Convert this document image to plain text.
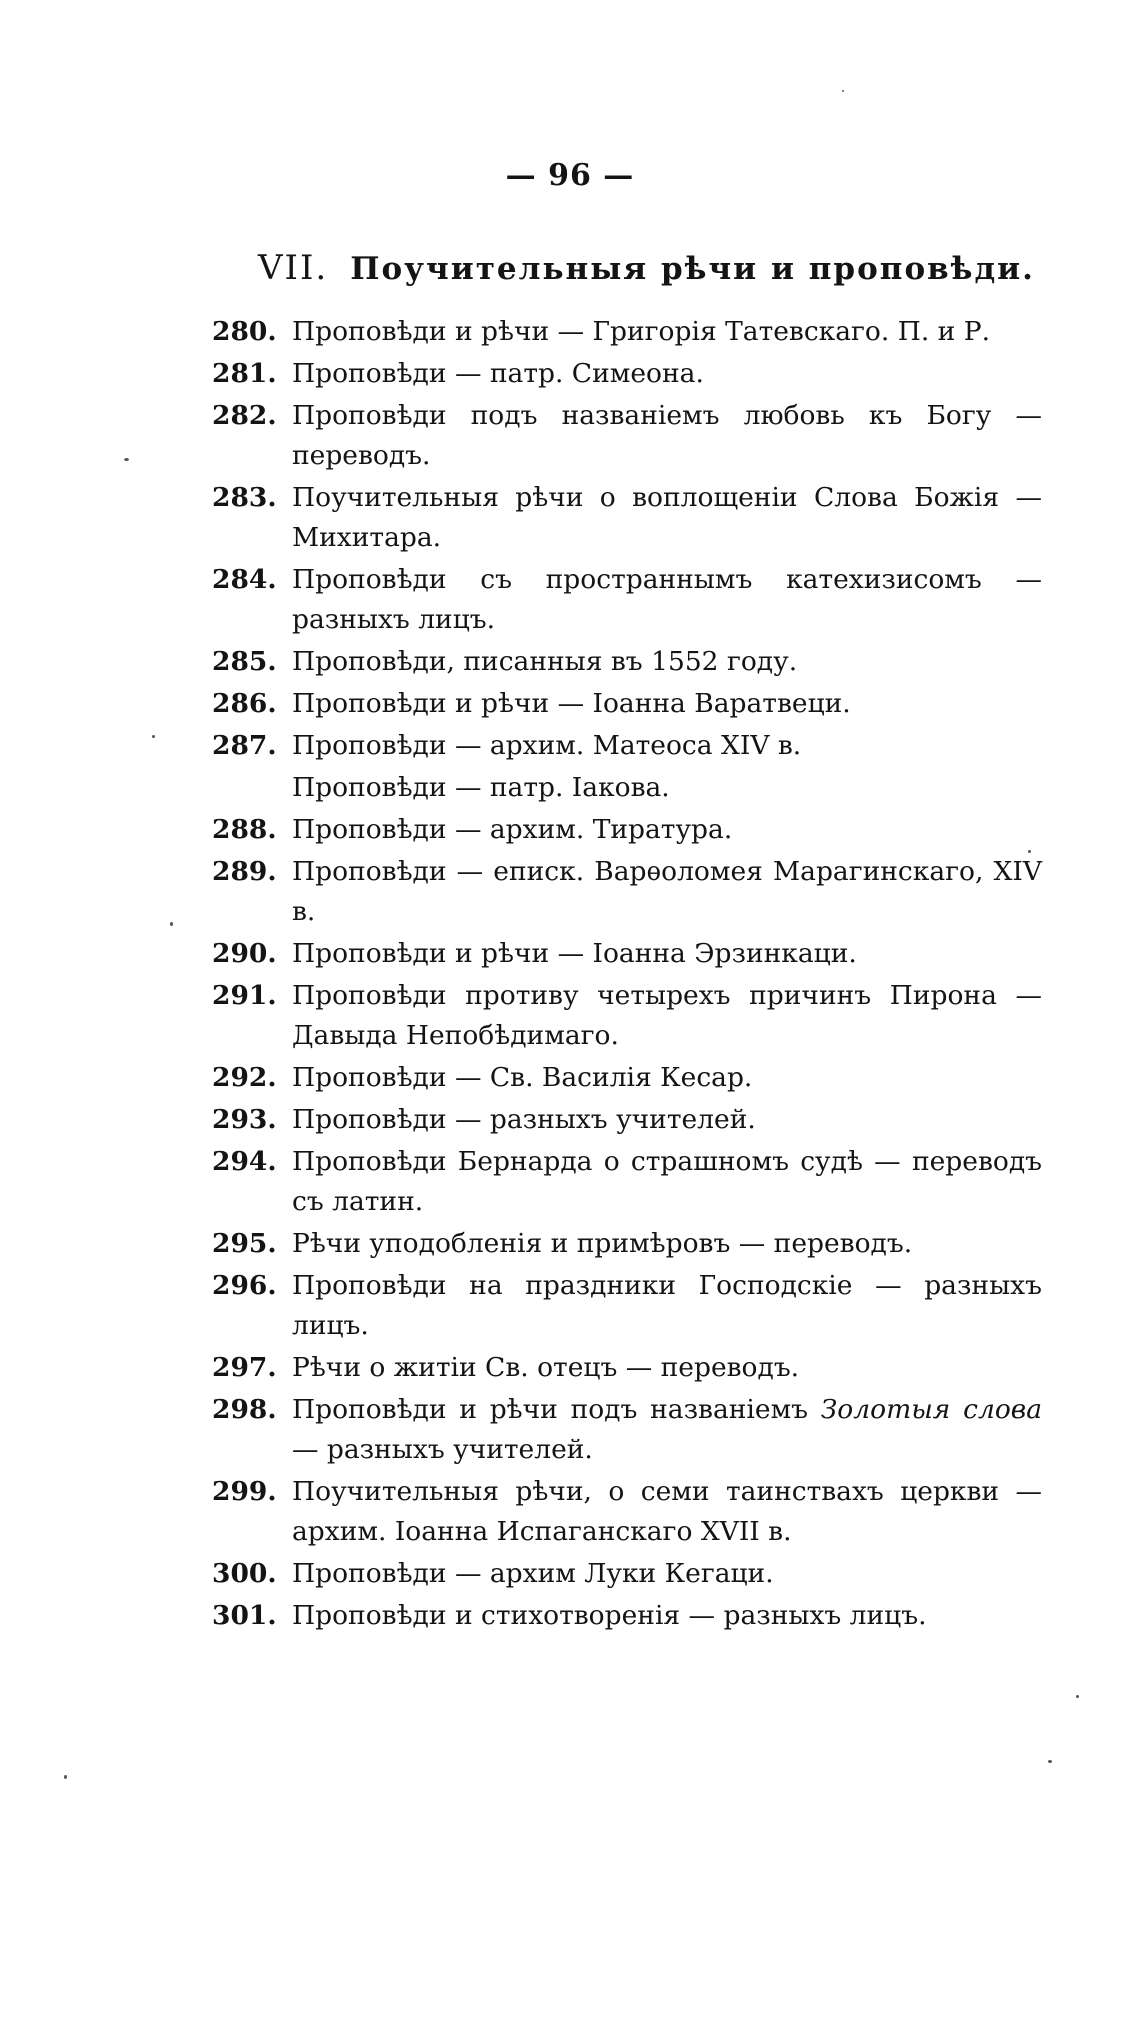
— 96 —
VII. Поучительныя рѣчи и проповѣди.
280. Проповѣди и рѣчи — Григорія Татевскаго. П. и Р.
281. Проповѣди — патр. Симеона.
282. Проповѣди подъ названіемъ любовь къ Богу — переводъ.
283. Поучительныя рѣчи о воплощеніи Слова Божія — Михитара.
284. Проповѣди съ пространнымъ катехизисомъ — разныхъ лицъ.
285. Проповѣди, писанныя въ 1552 году.
286. Проповѣди и рѣчи — Іоанна Варатвеци.
287. Проповѣди — архим. Матеоса XIV в.
Проповѣди — патр. Іакова.
288. Проповѣди — архим. Тиратура.
289. Проповѣди — еписк. Варѳоломея Марагинскаго, XIV в.
290. Проповѣди и рѣчи — Іоанна Эрзинкаци.
291. Проповѣди противу четырехъ причинъ Пирона — Давыда Непобѣдимаго.
292. Проповѣди — Св. Василія Кесар.
293. Проповѣди — разныхъ учителей.
294. Проповѣди Бернарда о страшномъ судѣ — переводъ съ латин.
295. Рѣчи уподобленія и примѣровъ — переводъ.
296. Проповѣди на праздники Господскіе — разныхъ лицъ.
297. Рѣчи о житіи Св. отецъ — переводъ.
298. Проповѣди и рѣчи подъ названіемъ Золотыя слова — разныхъ учителей.
299. Поучительныя рѣчи, о семи таинствахъ церкви — архим. Іоанна Испаганскаго XVII в.
300. Проповѣди — архим Луки Кегаци.
301. Проповѣди и стихотворенія — разныхъ лицъ.
